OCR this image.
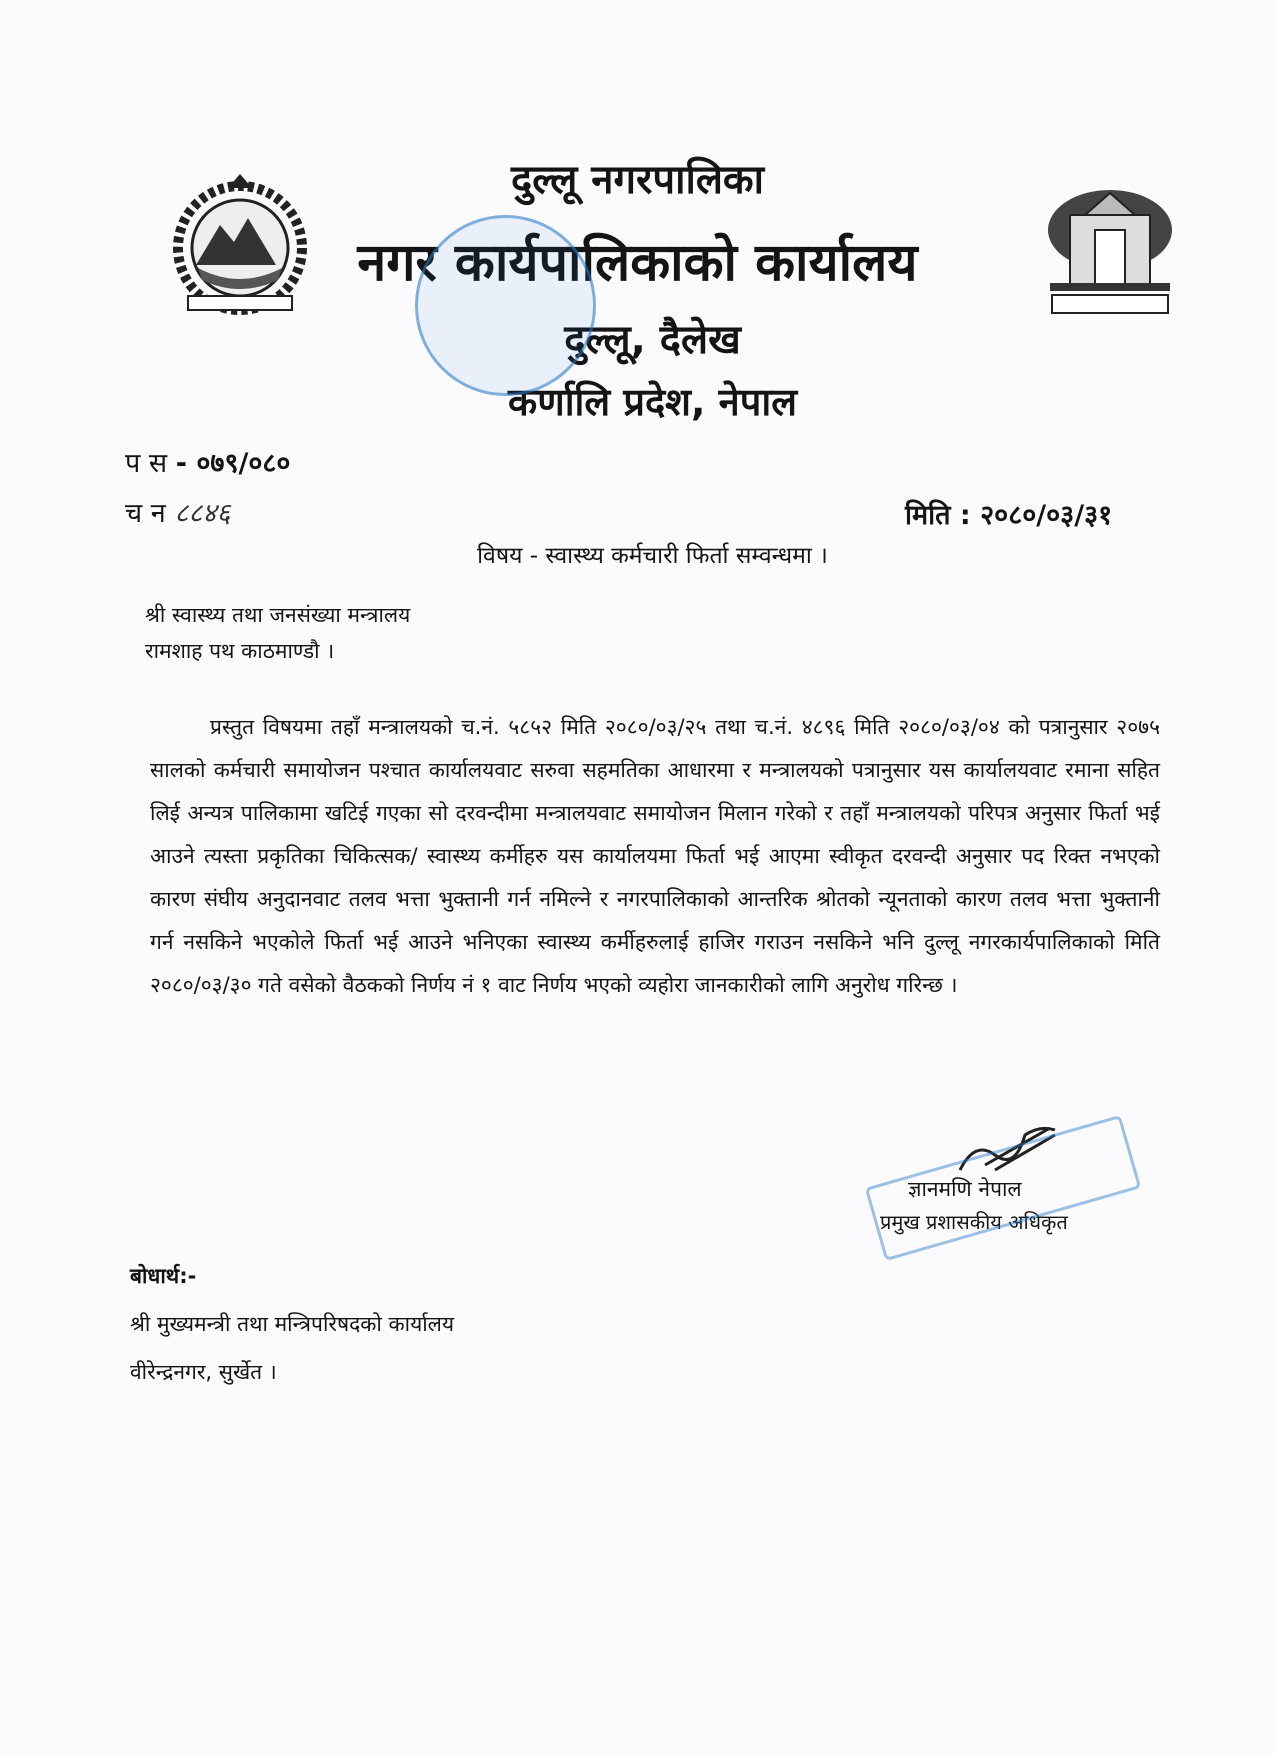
दुल्लू नगरपालिका
नगर कार्यपालिकाको कार्यालय
दुल्लू, दैलेख
कर्णालि प्रदेश, नेपाल
प स - ०७९/०८०
च न ८८४६	मिति : २०८०/०३/३१
विषय - स्वास्थ्य कर्मचारी फिर्ता सम्वन्धमा ।
श्री स्वास्थ्य तथा जनसंख्या मन्त्रालय
रामशाह पथ काठमाण्डौ ।
प्रस्तुत विषयमा तहाँ मन्त्रालयको च.नं. ५८५२ मिति २०८०/०३/२५ तथा च.नं. ४८९६ मिति २०८०/०३/०४ को पत्रानुसार २०७५ सालको कर्मचारी समायोजन पश्चात कार्यालयवाट सरुवा सहमतिका आधारमा र मन्त्रालयको पत्रानुसार यस कार्यालयवाट रमाना सहित लिई अन्यत्र पालिकामा खटिई गएका सो दरवन्दीमा मन्त्रालयवाट समायोजन मिलान गरेको र तहाँ मन्त्रालयको परिपत्र अनुसार फिर्ता भई आउने त्यस्ता प्रकृतिका चिकित्सक/ स्वास्थ्य कर्मीहरु यस कार्यालयमा फिर्ता भई आएमा स्वीकृत दरवन्दी अनुसार पद रिक्त नभएको कारण संघीय अनुदानवाट तलव भत्ता भुक्तानी गर्न नमिल्ने र नगरपालिकाको आन्तरिक श्रोतको न्यूनताको कारण तलव भत्ता भुक्तानी गर्न नसकिने भएकोले फिर्ता भई आउने भनिएका स्वास्थ्य कर्मीहरुलाई हाजिर गराउन नसकिने भनि दुल्लू नगरकार्यपालिकाको मिति २०८०/०३/३० गते वसेको वैठकको निर्णय नं १ वाट निर्णय भएको व्यहोरा जानकारीको लागि अनुरोध गरिन्छ ।
ज्ञानमणि नेपाल
प्रमुख प्रशासकीय अधिकृत
बोधार्थ:-
श्री मुख्यमन्त्री तथा मन्त्रिपरिषदको कार्यालय
वीरेन्द्रनगर, सुर्खेत ।
